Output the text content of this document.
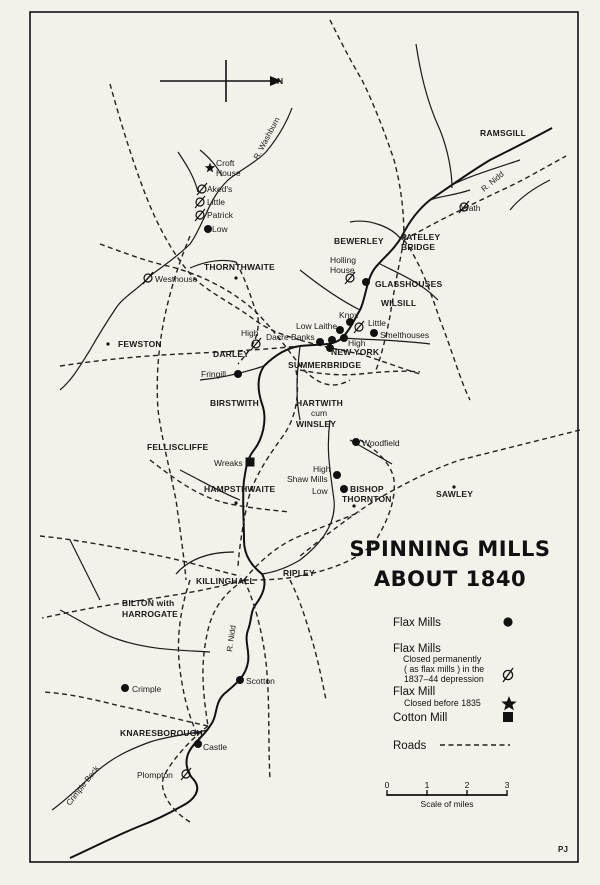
N
RAMSGILL
Wath
Croft House
Aked's
Little
Patrick
Low
BEWERLEY PATELEY BRIDGE
Holling House
GLASSHOUSES
WILSILL
THORNTHWAITE
Westhouse
Knox
Low Laithe	Little
Smelthouses
High
Dacre Banks
High
NEW YORK
FEWSTON
DARLEY
SUMMERBRIDGE
Fringill
HARTWITH
cum
WINSLEY
BIRSTWITH
Woodfield
FELLISCLIFFE
Wreaks
High
Shaw Mills
Low	BISHOP THORNTON
HAMPSTHWAITE	SAWLEY
KILLINGHALL
RIPLEY
BILTON with HARROGATE
Crimple
Scotton
KNARESBOROUGH
Castle
Plompton
R. Washburn
R. Nidd
R. Nidd
Crimple Beck
SPINNING MILLS
ABOUT 1840
Flax Mills
Flax Mills
Closed permanently
( as flax mills ) in the
1837–44 depression
Flax Mill
Closed before 1835
Cotton Mill
Roads
0	1	2	3
Scale of miles
PJ
